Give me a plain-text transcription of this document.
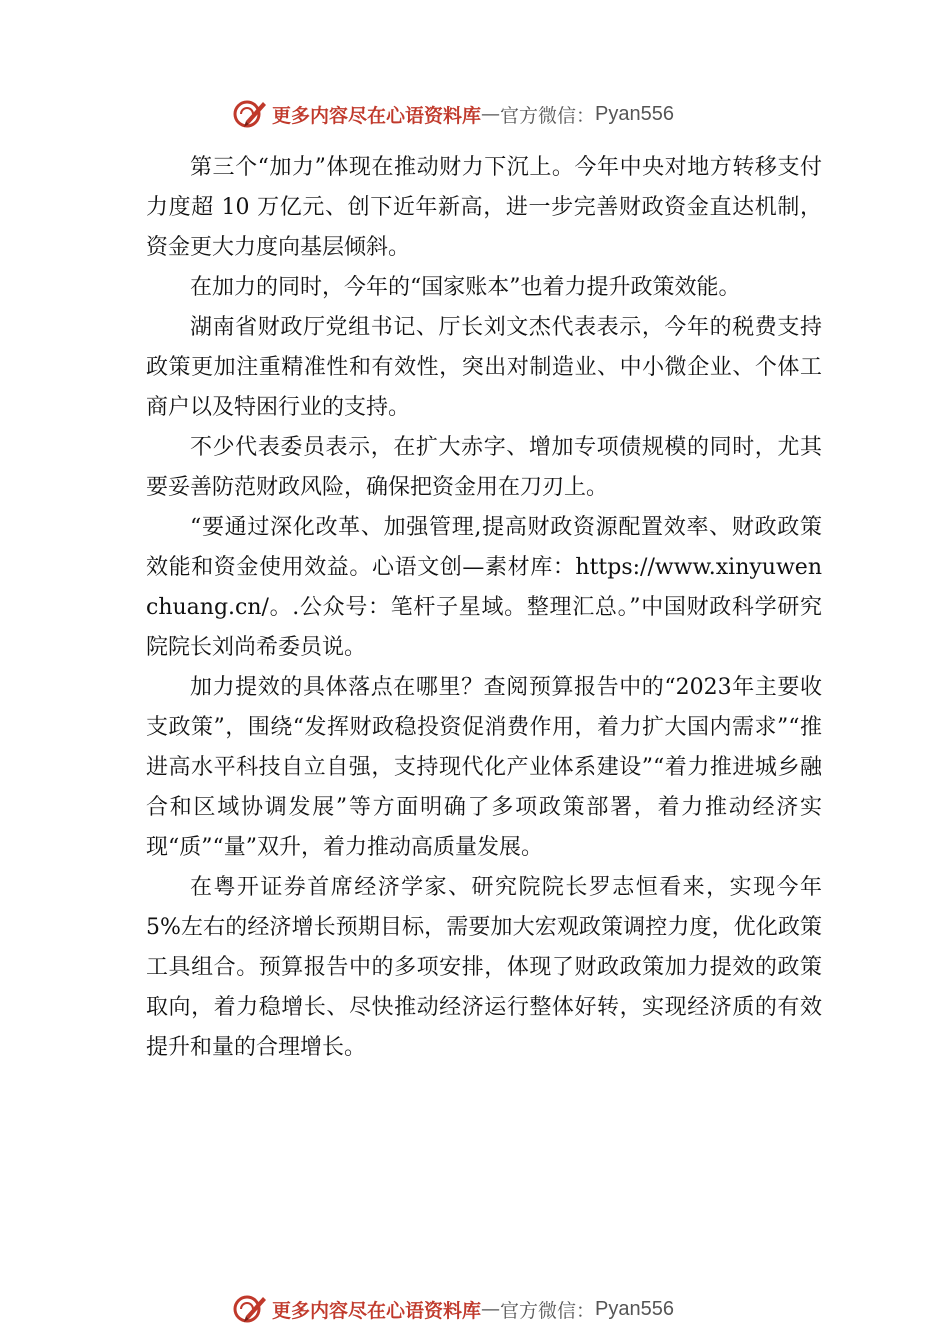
更多内容尽在心语资料库 — 官方微信： Pyan556

第三个“加力”体现在推动财力下沉上。今年中央对地方转移支付力度超 10 万亿元、创下近年新高，进一步完善财政资金直达机制，资金更大力度向基层倾斜。

在加力的同时，今年的“国家账本”也着力提升政策效能。

湖南省财政厅党组书记、厅长刘文杰代表表示，今年的税费支持政策更加注重精准性和有效性，突出对制造业、中小微企业、个体工商户以及特困行业的支持。

不少代表委员表示，在扩大赤字、增加专项债规模的同时，尤其要妥善防范财政风险，确保把资金用在刀刃上。

“要通过深化改革、加强管理,提高财政资源配置效率、财政政策效能和资金使用效益。心语文创—素材库：https://www.xinyuwenchuang.cn/。.公众号：笔杆子星域。整理汇总。”中国财政科学研究院院长刘尚希委员说。

加力提效的具体落点在哪里？查阅预算报告中的“2023年主要收支政策”，围绕“发挥财政稳投资促消费作用，着力扩大国内需求”“推进高水平科技自立自强，支持现代化产业体系建设”“着力推进城乡融合和区域协调发展”等方面明确了多项政策部署，着力推动经济实现“质”“量”双升，着力推动高质量发展。

在粤开证券首席经济学家、研究院院长罗志恒看来，实现今年 5%左右的经济增长预期目标，需要加大宏观政策调控力度，优化政策工具组合。预算报告中的多项安排，体现了财政政策加力提效的政策取向，着力稳增长、尽快推动经济运行整体好转，实现经济质的有效提升和量的合理增长。

更多内容尽在心语资料库 — 官方微信： Pyan556
